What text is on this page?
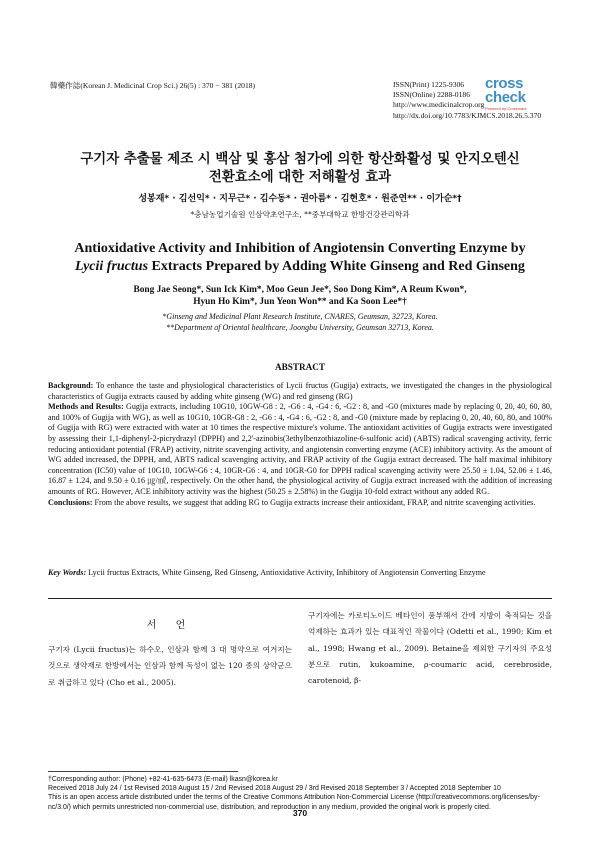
韓藥作誌(Korean J. Medicinal Crop Sci.) 26(5) : 370 − 381 (2018)	ISSN(Print) 1225-9306
ISSN(Online) 2288-0186
http://www.medicinalcrop.org
http://dx.doi.org/10.7783/KJMCS.2018.26.5.370
cross
check
Powered by Crossmark
구기자 추출물 제조 시 백삼 및 홍삼 첨가에 의한 항산화활성 및 안지오텐신
전환효소에 대한 저해활성 효과
성봉재* · 김선익* · 지무근* · 김수동* · 권아름* · 김현호* · 원준연** · 이가순*†
*충남농업기술원 인삼약초연구소, **중부대학교 한방건강관리학과
Antioxidative Activity and Inhibition of Angiotensin Converting Enzyme by
Lycii fructus Extracts Prepared by Adding White Ginseng and Red Ginseng
Bong Jae Seong*, Sun Ick Kim*, Moo Geun Jee*, Soo Dong Kim*, A Reum Kwon*,
Hyun Ho Kim*, Jun Yeon Won** and Ka Soon Lee*†
*Ginseng and Medicinal Plant Research Institute, CNARES, Geumsan, 32723, Korea.
**Department of Oriental healthcare, Joongbu University, Geumsan 32713, Korea.
ABSTRACT

Background: To enhance the taste and physiological characteristics of Lycii fructus (Gugija) extracts, we investigated the changes in the physiological characteristics of Gugija extracts caused by adding white ginseng (WG) and red ginseng (RG)

Methods and Results: Gugija extracts, including 10G10, 10GW-G8 : 2, -G6 : 4, -G4 : 6, -G2 : 8, and -G0 (mixtures made by replacing 0, 20, 40, 60, 80, and 100% of Gugija with WG), as well as 10G10, 10GR-G8 : 2, -G6 : 4, -G4 : 6, -G2 : 8, and -G0 (mixture made by replacing 0, 20, 40, 60, 80, and 100% of Gugija with RG) were extracted with water at 10 times the respective mixture's volume. The antioxidant activities of Gugija extracts were investigated by assessing their 1,1-diphenyl-2-picrydrazyl (DPPH) and 2,2'-azinobis(3ethylbenzothiazoline-6-sulfonic acid) (ABTS) radical scavenging activity, ferric reducing antioxidant potential (FRAP) activity, nitrite scavenging activity, and angiotensin converting enzyme (ACE) inhibitory activity. As the amount of WG added increased, the DPPH, and, ABTS radical scavenging activity, and FRAP activity of the Gugija extract decreased. The half maximal inhibitory concentration (IC50) value of 10G10, 10GW-G6 : 4, 10GR-G6 : 4, and 10GR-G0 for DPPH radical scavenging activity were 25.50 ± 1.04, 52.06 ± 1.46, 16.87 ± 1.24, and 9.50 ± 0.16 ㎍/㎖, respectively. On the other hand, the physiological activity of Gugija extract increased with the addition of increasing amounts of RG. However, ACE inhibitory activity was the highest (50.25 ± 2.58%) in the Gugija 10-fold extract without any added RG.

Conclusions: From the above results, we suggest that adding RG to Gugija extracts increase their antioxidant, FRAP, and nitrite scavenging activities.

Key Words: Lycii fructus Extracts, White Ginseng, Red Ginseng, Antioxidative Activity, Inhibitory of Angiotensin Converting Enzyme
서 언
구기자 (Lycii fructus)는 하수오, 인삼과 함께 3 대 명약으로 여겨지는 것으로 생약재로 한방에서는 인삼과 함께 독성이 없는 120 종의 상약군으로 취급하고 있다 (Cho et al., 2005).
구기자에는 카로티노이드 베타인이 풍부해서 간에 지방이 축적되는 것을 억제하는 효과가 있는 대표적인 작물이다 (Odetti et al., 1990; Kim et al., 1998; Hwang et al., 2009). Betaine을 제외한 구기자의 주요성분으로 rutin, kukoamine, ρ-coumaric acid, cerebroside, carotenoid, β-

†Corresponding author: (Phone) +82-41-635-6473 (E-mail) lkasn@korea.kr

Received 2018 July 24 / 1st Revised 2018 August 15 / 2nd Revised 2018 August 29 / 3rd Revised 2018 September 3 / Accepted 2018 September 10

This is an open access article distributed under the terms of the Creative Commons Attribution Non-Commercial License (http://creativecommons.org/licenses/by-nc/3.0/) which permits unrestricted non-commercial use, distribution, and reproduction in any medium, provided the original work is properly cited.

370
